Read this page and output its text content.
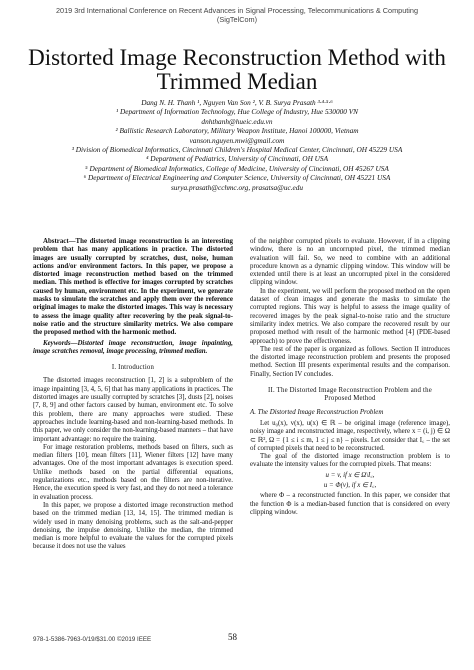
2019 3rd International Conference on Recent Advances in Signal Processing, Telecommunications & Computing
(SigTelCom)
Distorted Image Reconstruction Method with
Trimmed Median
Dang N. H. Thanh ¹, Nguyen Van Son ², V. B. Surya Prasath ³·⁴·⁵·⁶
¹ Department of Information Technology, Hue College of Industry, Hue 530000 VN
dnhthanh@hueic.edu.vn
² Ballistic Research Laboratory, Military Weapon Institute, Hanoi 100000, Vietnam
vanson.nguyen.mwi@gmail.com
³ Division of Biomedical Informatics, Cincinnati Children's Hospital Medical Center, Cincinnati, OH 45229 USA
⁴ Department of Pediatrics, University of Cincinnati, OH USA
⁵ Department of Biomedical Informatics, College of Medicine, University of Cincinnati, OH 45267 USA
⁶ Department of Electrical Engineering and Computer Science, University of Cincinnati, OH 45221 USA
surya.prasath@cchmc.org, prasatsa@uc.edu

Abstract—The distorted image reconstruction is an interesting problem that has many applications in practice. The distorted images are usually corrupted by scratches, dust, noise, human actions and/or environment factors. In this paper, we propose a distorted image reconstruction method based on the trimmed median. This method is effective for images corrupted by scratches caused by human, environment etc. In the experiment, we generate masks to simulate the scratches and apply them over the reference original images to make the distorted images. This way is necessary to assess the image quality after recovering by the peak signal-to-noise ratio and the structure similarity metrics. We also compare the proposed method with the harmonic method.

Keywords—Distorted image reconstruction, image inpainting, image scratches removal, image processing, trimmed median.

I. Introduction

The distorted images reconstruction [1, 2] is a subproblem of the image inpainting [3, 4, 5, 6] that has many applications in practices. The distorted images are usually corrupted by scratches [3], dusts [2], noises [7, 8, 9] and other factors caused by human, environment etc. To solve this problem, there are many approaches were studied. These approaches include learning-based and non-learning-based methods. In this paper, we only consider the non-learning-based manners – that have important advantage: no require the training.

For image restoration problems, methods based on filters, such as median filters [10], mean filters [11], Wiener filters [12] have many advantages. One of the most important advantages is execution speed. Unlike methods based on the partial differential equations, regularizations etc., methods based on the filters are non-iterative. Hence, the execution speed is very fast, and they do not need a tolerance in evaluation process.

In this paper, we propose a distorted image reconstruction method based on the trimmed median [13, 14, 15]. The trimmed median is widely used in many denoising problems, such as the salt-and-pepper denoising, the impulse denoising. Unlike the median, the trimmed median is more helpful to evaluate the values for the corrupted pixels because it does not use the values

of the neighbor corrupted pixels to evaluate. However, if in a clipping window, there is no an uncorrupted pixel, the trimmed median evaluation will fail. So, we need to combine with an additional procedure known as a dynamic clipping window. This window will be extended until there is at least an uncorrupted pixel in the considered clipping window.

In the experiment, we will perform the proposed method on the open dataset of clean images and generate the masks to simulate the corrupted regions. This way is helpful to assess the image quality of recovered images by the peak signal-to-noise ratio and the structure similarity index metrics. We also compare the recovered result by our proposed method with result of the harmonic method [4] (PDE-based approach) to prove the effectiveness.

The rest of the paper is organized as follows. Section II introduces the distorted image reconstruction problem and presents the proposed method. Section III presents experimental results and the comparison. Finally, Section IV concludes.

II. The Distorted Image Reconstruction Problem and the
Proposed Method
A. The Distorted Image Reconstruction Problem

Let u₀(x), v(x), u(x) ∈ ℝ – be original image (reference image), noisy image and reconstructed image, respectively, where x = (i, j) ∈ Ω ⊂ ℝ², Ω = {1 ≤ i ≤ m, 1 ≤ j ≤ n} – pixels. Let consider that I꜀ – the set of corrupted pixels that need to be reconstructed.

The goal of the distorted image reconstruction problem is to evaluate the intensity values for the corrupted pixels. That means:

u = v, if x ∈ Ω\I꜀,
u = Φ(v), if x ∈ I꜀,

where Φ – a reconstructed function. In this paper, we consider that the function Φ is a median-based function that is considered on every clipping window.

978-1-5386-7963-0/19/$31.00 ©2019 IEEE	58
